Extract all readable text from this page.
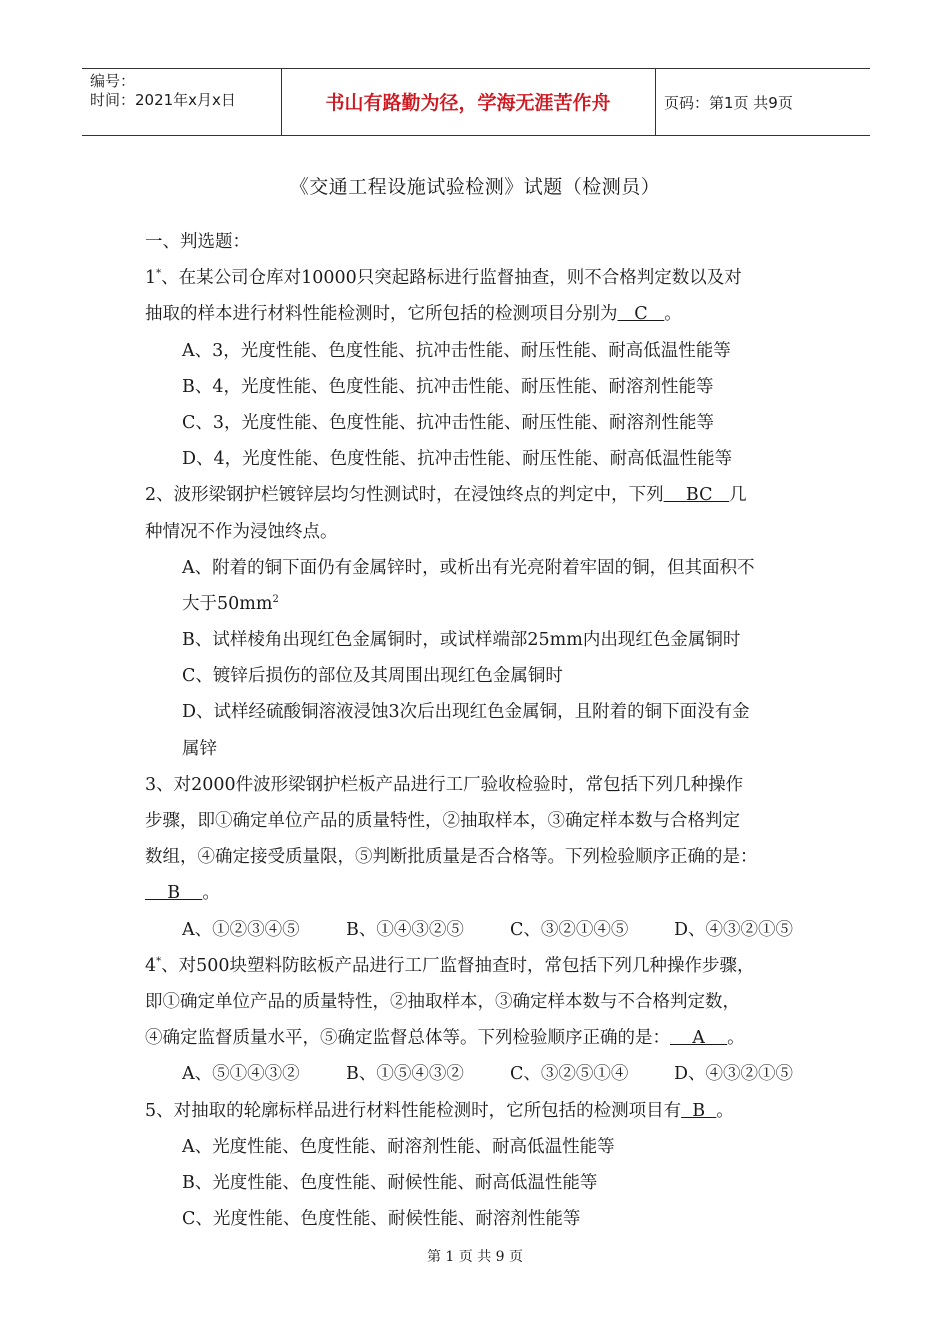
编号：
时间：2021年x月x日	书山有路勤为径，学海无涯苦作舟	页码：第1页 共9页
《交通工程设施试验检测》试题（检测员）
一、判选题：
1*、在某公司仓库对10000只突起路标进行监督抽查，则不合格判定数以及对
抽取的样本进行材料性能检测时，它所包括的检测项目分别为   C   。
A、3，光度性能、色度性能、抗冲击性能、耐压性能、耐高低温性能等
B、4，光度性能、色度性能、抗冲击性能、耐压性能、耐溶剂性能等
C、3，光度性能、色度性能、抗冲击性能、耐压性能、耐溶剂性能等
D、4，光度性能、色度性能、抗冲击性能、耐压性能、耐高低温性能等
2、波形梁钢护栏镀锌层均匀性测试时，在浸蚀终点的判定中，下列    BC   几
种情况不作为浸蚀终点。
A、附着的铜下面仍有金属锌时，或析出有光亮附着牢固的铜，但其面积不
大于$50mm^2$
B、试样棱角出现红色金属铜时，或试样端部25mm内出现红色金属铜时
C、镀锌后损伤的部位及其周围出现红色金属铜时
D、试样经硫酸铜溶液浸蚀3次后出现红色金属铜，且附着的铜下面没有金
属锌
3、对2000件波形梁钢护栏板产品进行工厂验收检验时，常包括下列几种操作
步骤，即①确定单位产品的质量特性，②抽取样本，③确定样本数与合格判定
数组，④确定接受质量限，⑤判断批质量是否合格等。下列检验顺序正确的是：
B    。
A、①②③④⑤	B、①④③②⑤	C、③②①④⑤	D、④③②①⑤
4*、对500块塑料防眩板产品进行工厂监督抽查时，常包括下列几种操作步骤，
即①确定单位产品的质量特性，②抽取样本，③确定样本数与不合格判定数，
④确定监督质量水平，⑤确定监督总体等。下列检验顺序正确的是：    A    。
A、⑤①④③②	B、①⑤④③②	C、③②⑤①④	D、④③②①⑤
5、对抽取的轮廓标样品进行材料性能检测时，它所包括的检测项目有  B  。
A、光度性能、色度性能、耐溶剂性能、耐高低温性能等
B、光度性能、色度性能、耐候性能、耐高低温性能等
C、光度性能、色度性能、耐候性能、耐溶剂性能等
第 1 页 共 9 页
